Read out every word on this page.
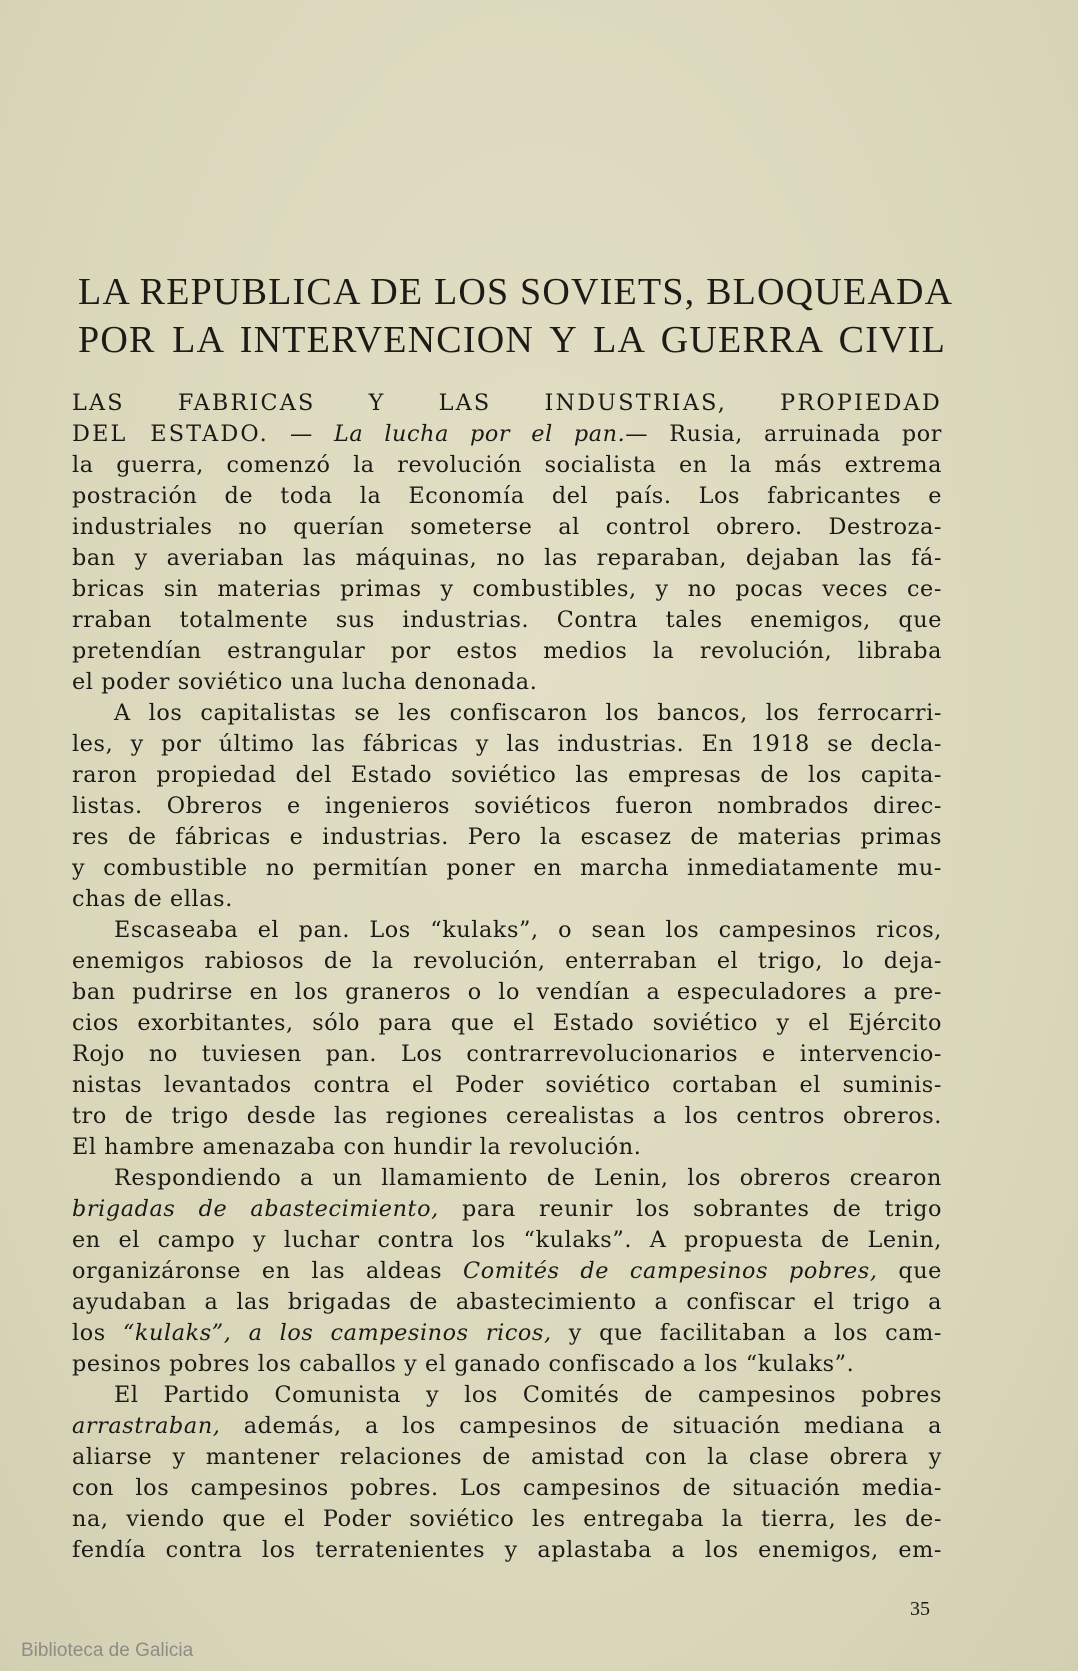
LA REPUBLICA DE LOS SOVIETS, BLOQUEADA
POR LA INTERVENCION Y LA GUERRA CIVIL
LAS FABRICAS Y LAS INDUSTRIAS, PROPIEDAD
DEL ESTADO. — La lucha por el pan.— Rusia, arruinada por
la guerra, comenzó la revolución socialista en la más extrema
postración de toda la Economía del país. Los fabricantes e
industriales no querían someterse al control obrero. Destroza-
ban y averiaban las máquinas, no las reparaban, dejaban las fá-
bricas sin materias primas y combustibles, y no pocas veces ce-
rraban totalmente sus industrias. Contra tales enemigos, que
pretendían estrangular por estos medios la revolución, libraba
el poder soviético una lucha denonada.
A los capitalistas se les confiscaron los bancos, los ferrocarri-
les, y por último las fábricas y las industrias. En 1918 se decla-
raron propiedad del Estado soviético las empresas de los capita-
listas. Obreros e ingenieros soviéticos fueron nombrados direc-
res de fábricas e industrias. Pero la escasez de materias primas
y combustible no permitían poner en marcha inmediatamente mu-
chas de ellas.
Escaseaba el pan. Los “kulaks”, o sean los campesinos ricos,
enemigos rabiosos de la revolución, enterraban el trigo, lo deja-
ban pudrirse en los graneros o lo vendían a especuladores a pre-
cios exorbitantes, sólo para que el Estado soviético y el Ejército
Rojo no tuviesen pan. Los contrarrevolucionarios e intervencio-
nistas levantados contra el Poder soviético cortaban el suminis-
tro de trigo desde las regiones cerealistas a los centros obreros.
El hambre amenazaba con hundir la revolución.
Respondiendo a un llamamiento de Lenin, los obreros crearon
brigadas de abastecimiento, para reunir los sobrantes de trigo
en el campo y luchar contra los “kulaks”. A propuesta de Lenin,
organizáronse en las aldeas Comités de campesinos pobres, que
ayudaban a las brigadas de abastecimiento a confiscar el trigo a
los “kulaks”, a los campesinos ricos, y que facilitaban a los cam-
pesinos pobres los caballos y el ganado confiscado a los “kulaks”.
El Partido Comunista y los Comités de campesinos pobres
arrastraban, además, a los campesinos de situación mediana a
aliarse y mantener relaciones de amistad con la clase obrera y
con los campesinos pobres. Los campesinos de situación media-
na, viendo que el Poder soviético les entregaba la tierra, les de-
fendía contra los terratenientes y aplastaba a los enemigos, em-
35
Biblioteca de Galicia
